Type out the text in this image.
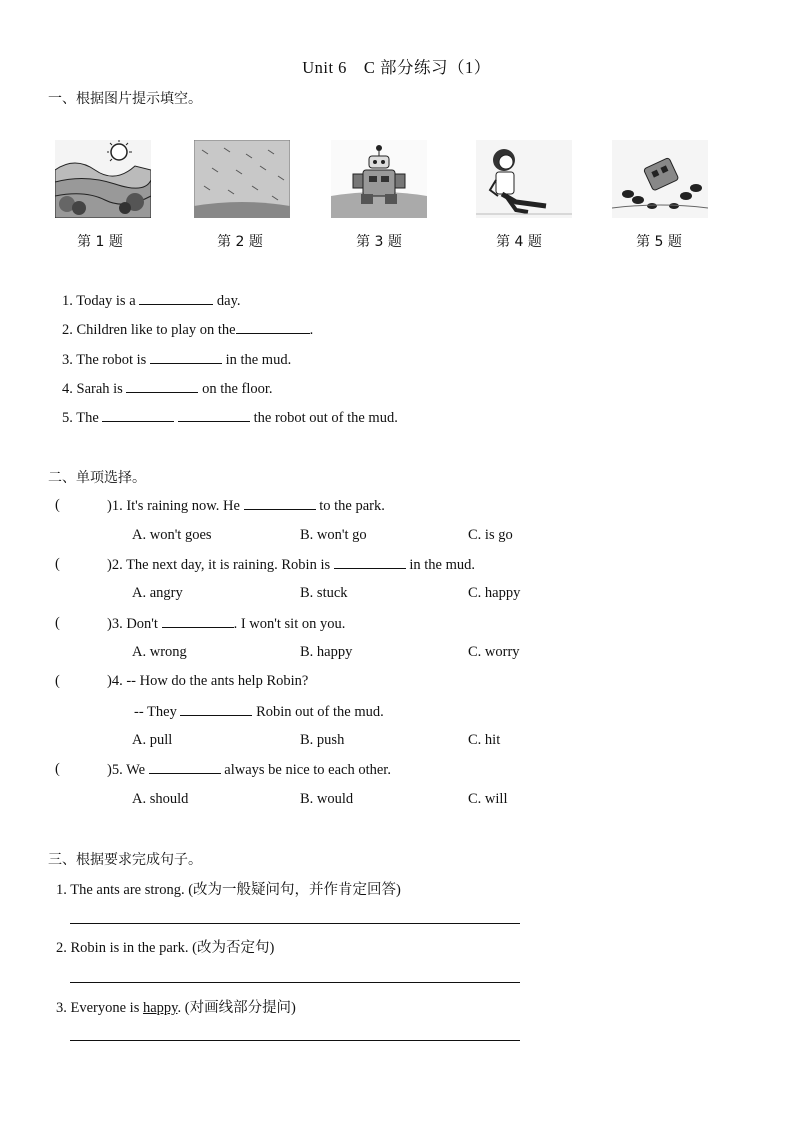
Unit 6　C 部分练习（1）
一、根据图片提示填空。
第 1 题	第 2 题	第 3 题	第 4 题	第 5 题
1. Today is a	day.
2. Children like to play on the	.
3. The robot is	in the mud.
4. Sarah is	on the floor.
5. The	the robot out of the mud.
二、单项选择。
(	)1. It's raining now. He	to the park.
A. won't goes	B. won't go	C. is go
(	)2. The next day, it is raining. Robin is	in the mud.
A. angry	B. stuck	C. happy
(	)3. Don't	. I won't sit on you.
A. wrong	B. happy	C. worry
(	)4. -- How do the ants help Robin?
-- They	Robin out of the mud.
A. pull	B. push	C. hit
(	)5. We	always be nice to each other.
A. should	B. would	C. will
三、根据要求完成句子。
1. The ants are strong. (改为一般疑问句，并作肯定回答)
2. Robin is in the park. (改为否定句)
3. Everyone is happy. (对画线部分提问)
